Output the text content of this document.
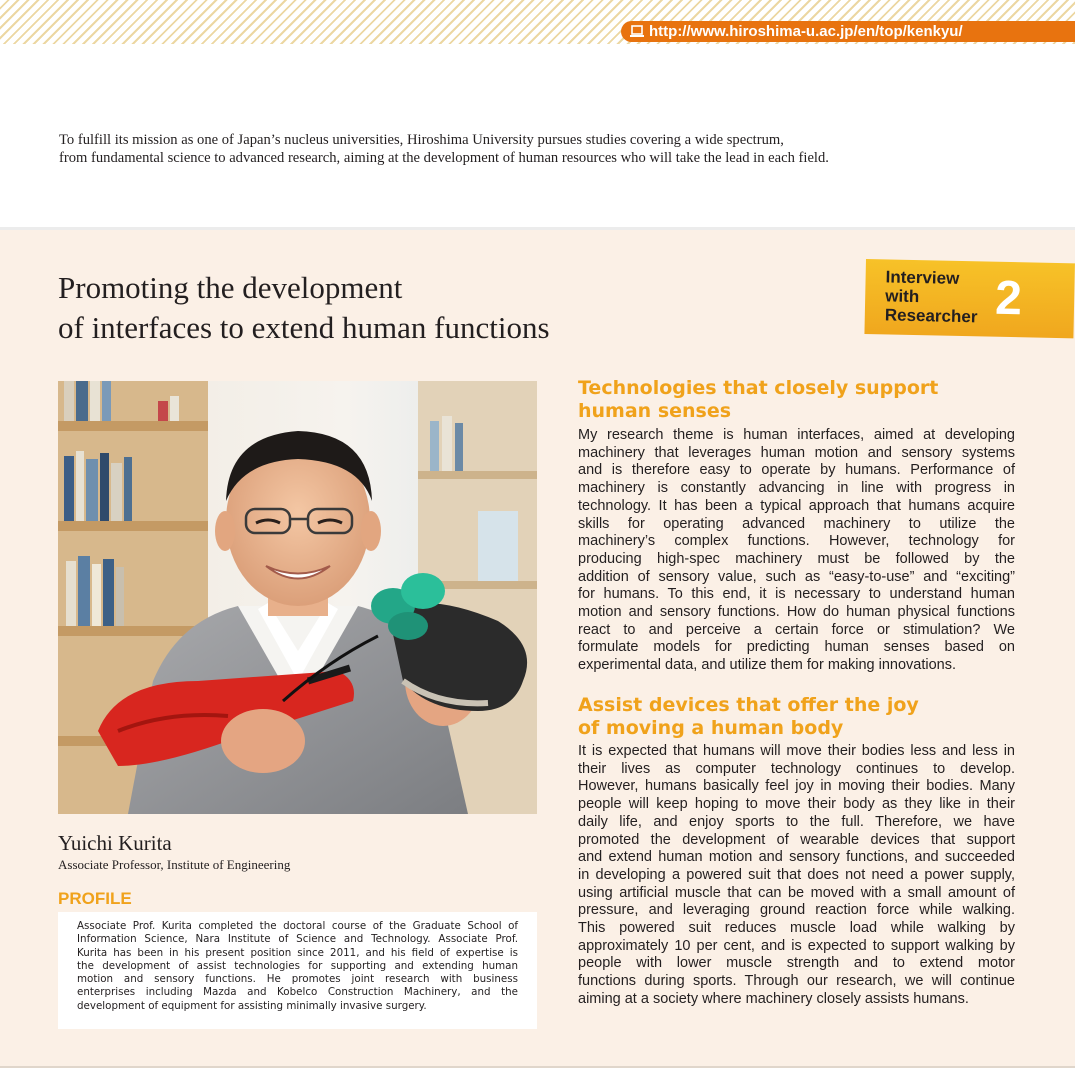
http://www.hiroshima-u.ac.jp/en/top/kenkyu/
To fulfill its mission as one of Japan’s nucleus universities, Hiroshima University pursues studies covering a wide spectrum,
from fundamental science to advanced research, aiming at the development of human resources who will take the lead in each field.
Promoting the development
of interfaces to extend human functions
Interview
with
Researcher 2
Yuichi Kurita
Associate Professor, Institute of Engineering
PROFILE
Associate Prof. Kurita completed the doctoral course of the Graduate School of
Information Science, Nara Institute of Science and Technology. Associate Prof.
Kurita has been in his present position since 2011, and his field of expertise is
the development of assist technologies for supporting and extending human
motion and sensory functions. He promotes joint research with business
enterprises including Mazda and Kobelco Construction Machinery, and the
development of equipment for assisting minimally invasive surgery.
Technologies that closely support
human senses
My research theme is human interfaces, aimed at developing
machinery that leverages human motion and sensory systems
and is therefore easy to operate by humans. Performance of
machinery is constantly advancing in line with progress in
technology. It has been a typical approach that humans acquire
skills for operating advanced machinery to utilize the
machinery’s complex functions. However, technology for
producing high-spec machinery must be followed by the
addition of sensory value, such as “easy-to-use” and “exciting”
for humans. To this end, it is necessary to understand human
motion and sensory functions. How do human physical functions
react to and perceive a certain force or stimulation? We
formulate models for predicting human senses based on
experimental data, and utilize them for making innovations.
Assist devices that offer the joy
of moving a human body
It is expected that humans will move their bodies less and less in
their lives as computer technology continues to develop.
However, humans basically feel joy in moving their bodies. Many
people will keep hoping to move their body as they like in their
daily life, and enjoy sports to the full. Therefore, we have
promoted the development of wearable devices that support
and extend human motion and sensory functions, and succeeded
in developing a powered suit that does not need a power supply,
using artificial muscle that can be moved with a small amount of
pressure, and leveraging ground reaction force while walking.
This powered suit reduces muscle load while walking by
approximately 10 per cent, and is expected to support walking by
people with lower muscle strength and to extend motor
functions during sports. Through our research, we will continue
aiming at a society where machinery closely assists humans.
